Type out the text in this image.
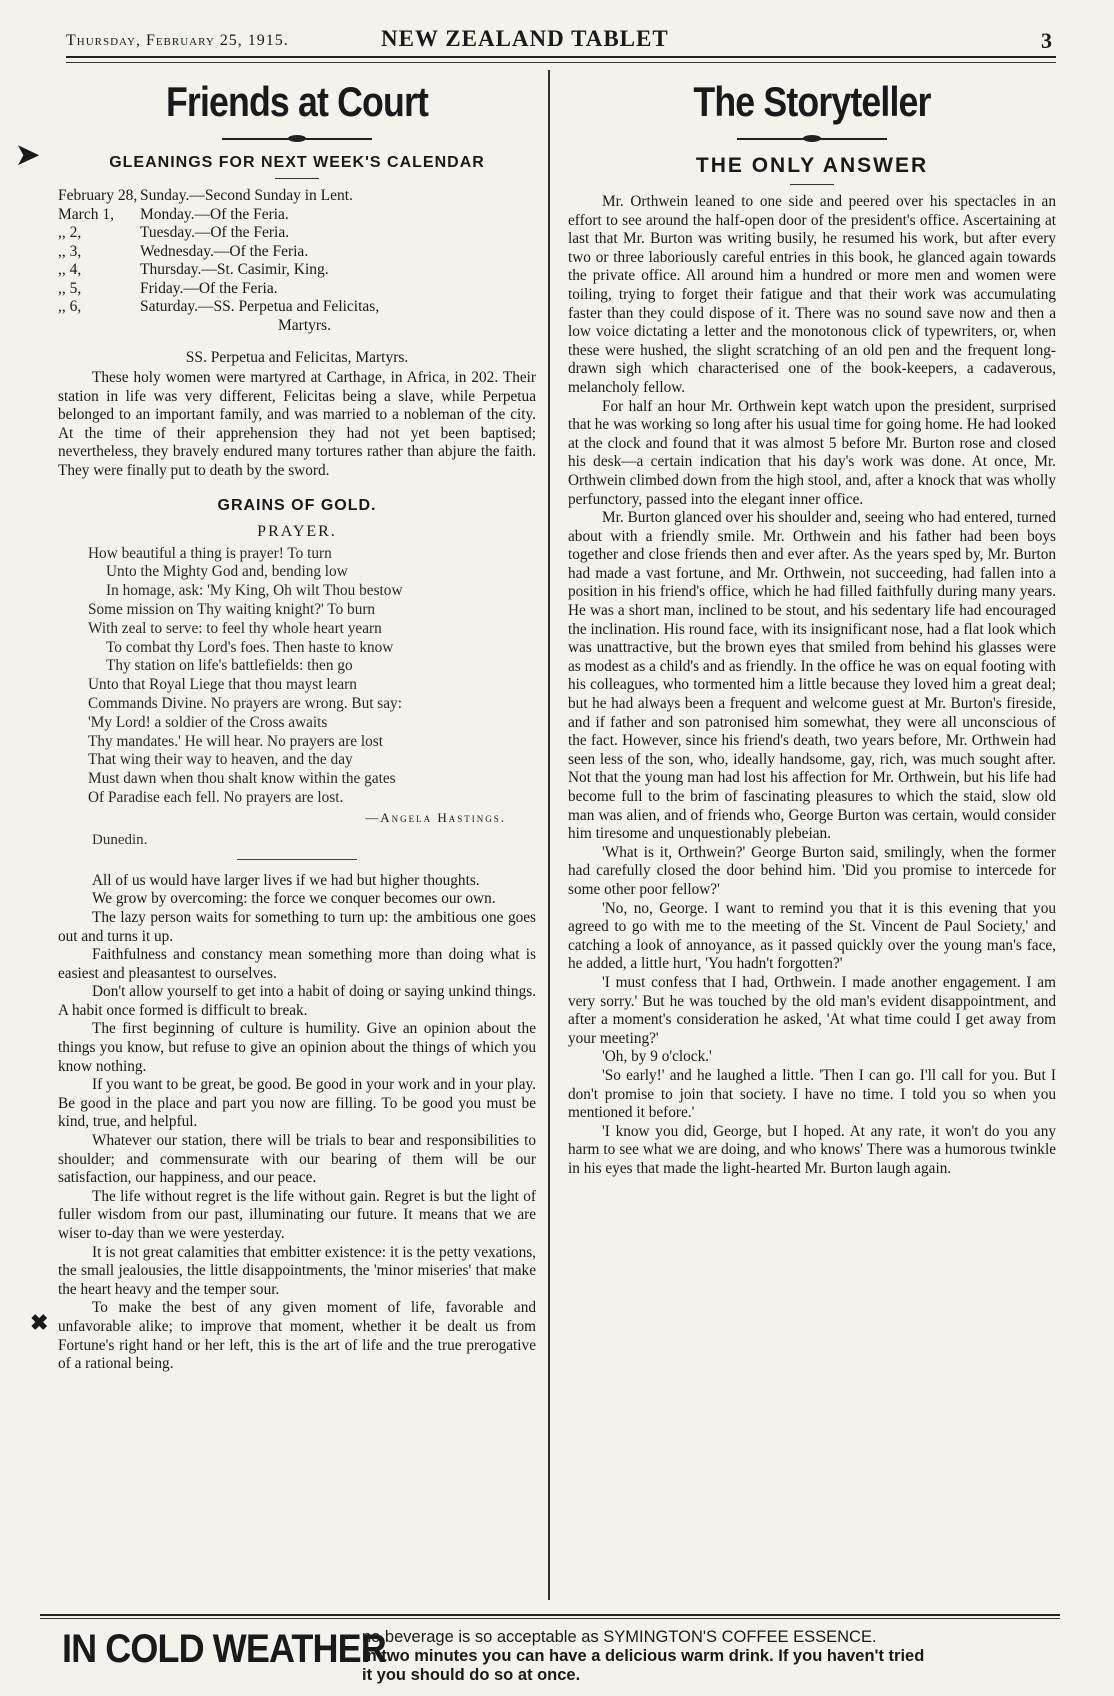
Thursday, February 25, 1915.	NEW ZEALAND TABLET	3
➤
✖
Friends at Court
GLEANINGS FOR NEXT WEEK'S CALENDAR
February 28, Sunday.—Second Sunday in Lent.
March 1,	Monday.—Of the Feria.
,, 2,	Tuesday.—Of the Feria.
,, 3,	Wednesday.—Of the Feria.
,, 4,	Thursday.—St. Casimir, King.
,, 5,	Friday.—Of the Feria.
,, 6,	Saturday.—SS. Perpetua and Felicitas,
Martyrs.
SS. Perpetua and Felicitas, Martyrs.

These holy women were martyred at Carthage, in Africa, in 202. Their station in life was very different, Felicitas being a slave, while Perpetua belonged to an important family, and was married to a nobleman of the city. At the time of their apprehension they had not yet been baptised; nevertheless, they bravely endured many tortures rather than abjure the faith. They were finally put to death by the sword.

GRAINS OF GOLD.
PRAYER.
How beautiful a thing is prayer! To turn
Unto the Mighty God and, bending low
In homage, ask: 'My King, Oh wilt Thou bestow
Some mission on Thy waiting knight?' To burn
With zeal to serve: to feel thy whole heart yearn
To combat thy Lord's foes. Then haste to know
Thy station on life's battlefields: then go
Unto that Royal Liege that thou mayst learn
Commands Divine. No prayers are wrong. But say:
'My Lord! a soldier of the Cross awaits
Thy mandates.' He will hear. No prayers are lost
That wing their way to heaven, and the day
Must dawn when thou shalt know within the gates
Of Paradise each fell. No prayers are lost.
—Angela Hastings.
Dunedin.

All of us would have larger lives if we had but higher thoughts.

We grow by overcoming: the force we conquer becomes our own.

The lazy person waits for something to turn up: the ambitious one goes out and turns it up.

Faithfulness and constancy mean something more than doing what is easiest and pleasantest to ourselves.

Don't allow yourself to get into a habit of doing or saying unkind things. A habit once formed is difficult to break.

The first beginning of culture is humility. Give an opinion about the things you know, but refuse to give an opinion about the things of which you know nothing.

If you want to be great, be good. Be good in your work and in your play. Be good in the place and part you now are filling. To be good you must be kind, true, and helpful.

Whatever our station, there will be trials to bear and responsibilities to shoulder; and commensurate with our bearing of them will be our satisfaction, our happiness, and our peace.

The life without regret is the life without gain. Regret is but the light of fuller wisdom from our past, illuminating our future. It means that we are wiser to-day than we were yesterday.

It is not great calamities that embitter existence: it is the petty vexations, the small jealousies, the little disappointments, the 'minor miseries' that make the heart heavy and the temper sour.

To make the best of any given moment of life, favorable and unfavorable alike; to improve that moment, whether it be dealt us from Fortune's right hand or her left, this is the art of life and the true prerogative of a rational being.

The Storyteller
THE ONLY ANSWER

Mr. Orthwein leaned to one side and peered over his spectacles in an effort to see around the half-open door of the president's office. Ascertaining at last that Mr. Burton was writing busily, he resumed his work, but after every two or three laboriously careful entries in this book, he glanced again towards the private office. All around him a hundred or more men and women were toiling, trying to forget their fatigue and that their work was accumulating faster than they could dispose of it. There was no sound save now and then a low voice dictating a letter and the monotonous click of typewriters, or, when these were hushed, the slight scratching of an old pen and the frequent long-drawn sigh which characterised one of the book-keepers, a cadaverous, melancholy fellow.

For half an hour Mr. Orthwein kept watch upon the president, surprised that he was working so long after his usual time for going home. He had looked at the clock and found that it was almost 5 before Mr. Burton rose and closed his desk—a certain indication that his day's work was done. At once, Mr. Orthwein climbed down from the high stool, and, after a knock that was wholly perfunctory, passed into the elegant inner office.

Mr. Burton glanced over his shoulder and, seeing who had entered, turned about with a friendly smile. Mr. Orthwein and his father had been boys together and close friends then and ever after. As the years sped by, Mr. Burton had made a vast fortune, and Mr. Orthwein, not succeeding, had fallen into a position in his friend's office, which he had filled faithfully during many years. He was a short man, inclined to be stout, and his sedentary life had encouraged the inclination. His round face, with its insignificant nose, had a flat look which was unattractive, but the brown eyes that smiled from behind his glasses were as modest as a child's and as friendly. In the office he was on equal footing with his colleagues, who tormented him a little because they loved him a great deal; but he had always been a frequent and welcome guest at Mr. Burton's fireside, and if father and son patronised him somewhat, they were all unconscious of the fact. However, since his friend's death, two years before, Mr. Orthwein had seen less of the son, who, ideally handsome, gay, rich, was much sought after. Not that the young man had lost his affection for Mr. Orthwein, but his life had become full to the brim of fascinating pleasures to which the staid, slow old man was alien, and of friends who, George Burton was certain, would consider him tiresome and unquestionably plebeian.

'What is it, Orthwein?' George Burton said, smilingly, when the former had carefully closed the door behind him. 'Did you promise to intercede for some other poor fellow?'

'No, no, George. I want to remind you that it is this evening that you agreed to go with me to the meeting of the St. Vincent de Paul Society,' and catching a look of annoyance, as it passed quickly over the young man's face, he added, a little hurt, 'You hadn't forgotten?'

'I must confess that I had, Orthwein. I made another engagement. I am very sorry.' But he was touched by the old man's evident disappointment, and after a moment's consideration he asked, 'At what time could I get away from your meeting?'

'Oh, by 9 o'clock.'

'So early!' and he laughed a little. 'Then I can go. I'll call for you. But I don't promise to join that society. I have no time. I told you so when you mentioned it before.'

'I know you did, George, but I hoped. At any rate, it won't do you any harm to see what we are doing, and who knows' There was a humorous twinkle in his eyes that made the light-hearted Mr. Burton laugh again.

IN COLD WEATHER
no beverage is so acceptable as SYMINGTON'S COFFEE ESSENCE.
In two minutes you can have a delicious warm drink. If you haven't tried
it you should do so at once.
